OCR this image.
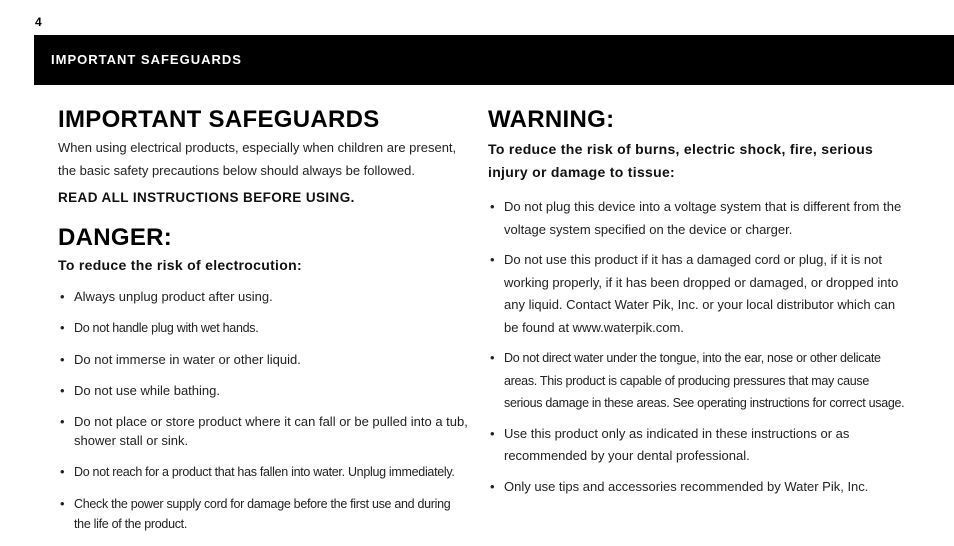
4
IMPORTANT SAFEGUARDS
IMPORTANT SAFEGUARDS

When using electrical products, especially when children are present, the basic safety precautions below should always be followed.

READ ALL INSTRUCTIONS BEFORE USING.

DANGER:

To reduce the risk of electrocution:

• Always unplug product after using.
• Do not handle plug with wet hands.
• Do not immerse in water or other liquid.
• Do not use while bathing.
• Do not place or store product where it can fall or be pulled into a tub, shower stall or sink.
• Do not reach for a product that has fallen into water. Unplug immediately.
• Check the power supply cord for damage before the first use and during the life of the product.
WARNING:

To reduce the risk of burns, electric shock, fire, serious injury or damage to tissue:

• Do not plug this device into a voltage system that is different from the voltage system specified on the device or charger.
• Do not use this product if it has a damaged cord or plug, if it is not working properly, if it has been dropped or damaged, or dropped into any liquid. Contact Water Pik, Inc. or your local distributor which can be found at www.waterpik.com.
• Do not direct water under the tongue, into the ear, nose or other delicate areas. This product is capable of producing pressures that may cause serious damage in these areas. See operating instructions for correct usage.
• Use this product only as indicated in these instructions or as recommended by your dental professional.
• Only use tips and accessories recommended by Water Pik, Inc.
